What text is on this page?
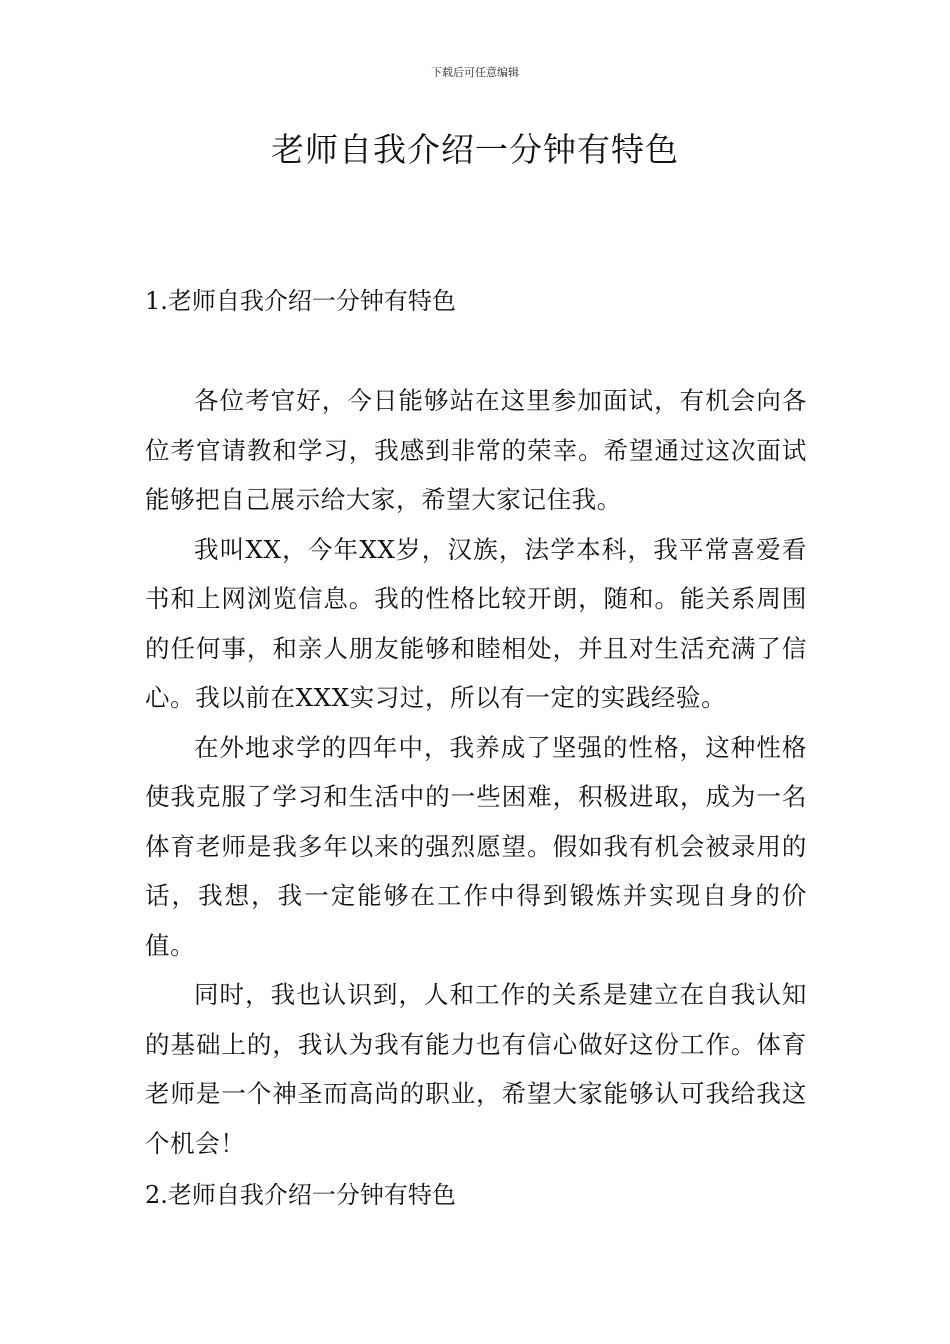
下载后可任意编辑
老师自我介绍一分钟有特色
1.老师自我介绍一分钟有特色

各位考官好，今日能够站在这里参加面试，有机会向各位考官请教和学习，我感到非常的荣幸。希望通过这次面试能够把自己展示给大家，希望大家记住我。

我叫XX，今年XX岁，汉族，法学本科，我平常喜爱看书和上网浏览信息。我的性格比较开朗，随和。能关系周围的任何事，和亲人朋友能够和睦相处，并且对生活充满了信心。我以前在XXX实习过，所以有一定的实践经验。

在外地求学的四年中，我养成了坚强的性格，这种性格使我克服了学习和生活中的一些困难，积极进取，成为一名体育老师是我多年以来的强烈愿望。假如我有机会被录用的话，我想，我一定能够在工作中得到锻炼并实现自身的价值。

同时，我也认识到，人和工作的关系是建立在自我认知的基础上的，我认为我有能力也有信心做好这份工作。体育老师是一个神圣而高尚的职业，希望大家能够认可我给我这个机会！

2.老师自我介绍一分钟有特色
